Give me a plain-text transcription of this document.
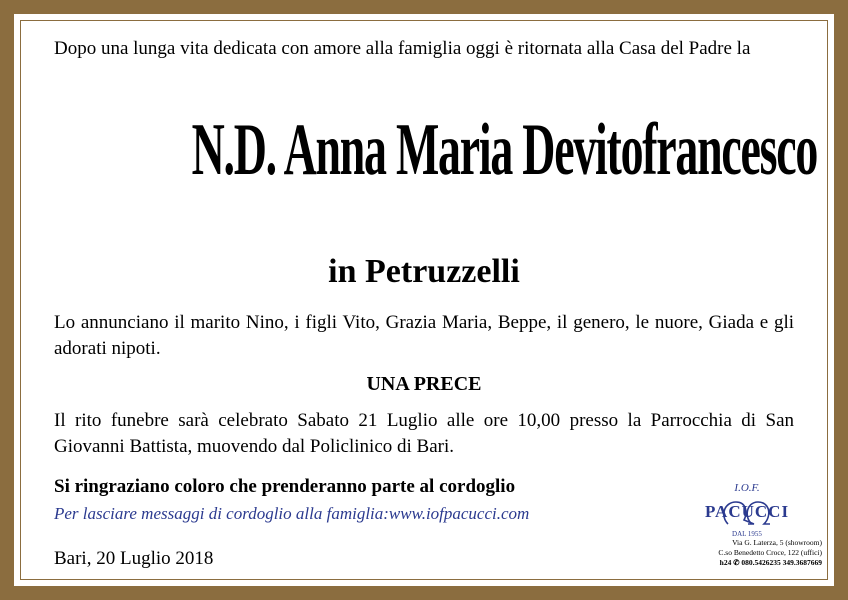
Dopo una lunga vita dedicata con amore alla famiglia oggi è ritornata alla Casa del Padre la

N.D. Anna Maria Devitofrancesco
in Petruzzelli

Lo annunciano il marito Nino, i figli Vito, Grazia Maria, Beppe, il genero, le nuore, Giada e gli adorati nipoti.

UNA PRECE

Il rito funebre sarà celebrato Sabato 21 Luglio alle ore 10,00 presso la Parrocchia di San Giovanni Battista, muovendo dal Policlinico di Bari.

Si ringraziano coloro che prenderanno parte al cordoglio
Per lasciare messaggi di cordoglio alla famiglia:www.iofpacucci.com
Bari, 20 Luglio 2018
I.O.F.
PACUCCI
DAL 1955
Via G. Laterza, 5 (showroom)
C.so Benedetto Croce, 122 (uffici)
h24 ✆ 080.5426235 349.3687669
